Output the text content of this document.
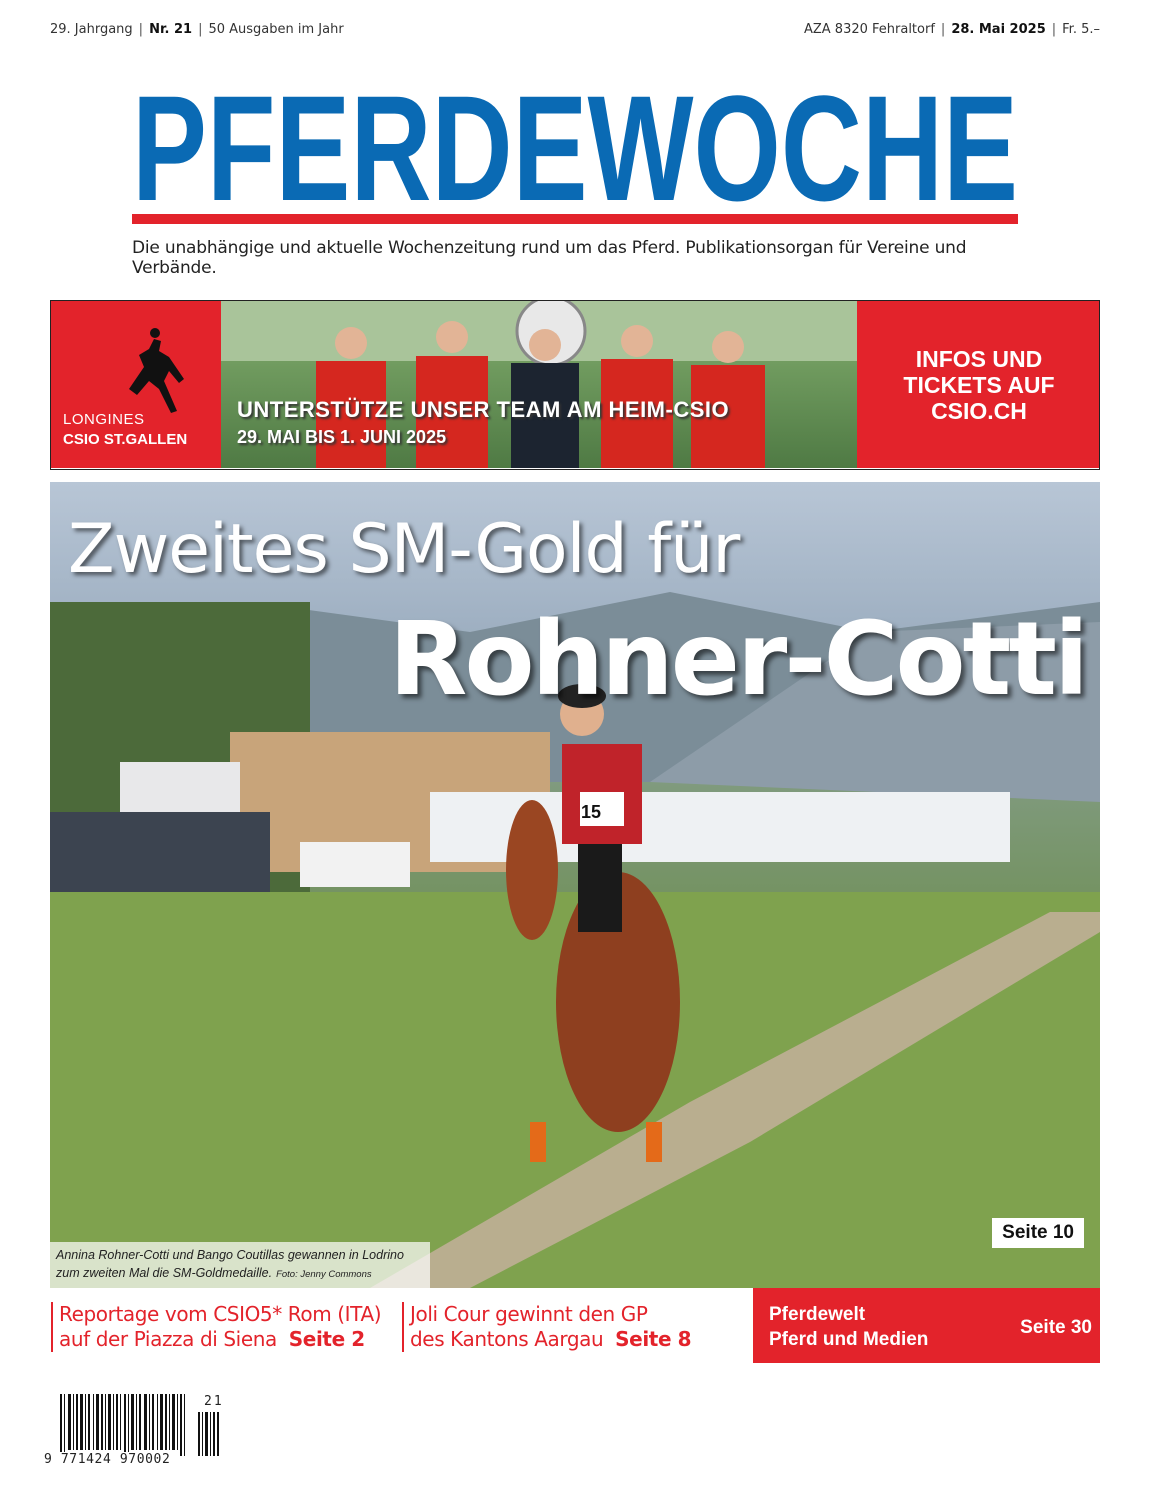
29. Jahrgang | Nr. 21 | 50 Ausgaben im Jahr	AZA 8320 Fehraltorf | 28. Mai 2025 | Fr. 5.–
PFERDEWOCHE
Die unabhängige und aktuelle Wochenzeitung rund um das Pferd. Publikationsorgan für Vereine und Verbände.
LONGINES
CSIO ST.GALLEN
UNTERSTÜTZE UNSER TEAM AM HEIM-CSIO
29. MAI BIS 1. JUNI 2025
INFOS UND
TICKETS AUF
CSIO.CH
Zweites SM-Gold für
Rohner-Cotti
15
Annina Rohner-Cotti und Bango Coutillas gewannen in Lodrino
zum zweiten Mal die SM-Goldmedaille. Foto: Jenny Commons
Seite 10
Reportage vom CSIO5* Rom (ITA)
auf der Piazza di Siena Seite 2
Joli Cour gewinnt den GP
des Kantons Aargau Seite 8
Pferdewelt
Pferd und Medien
Seite 30
21
9 771424 970002
